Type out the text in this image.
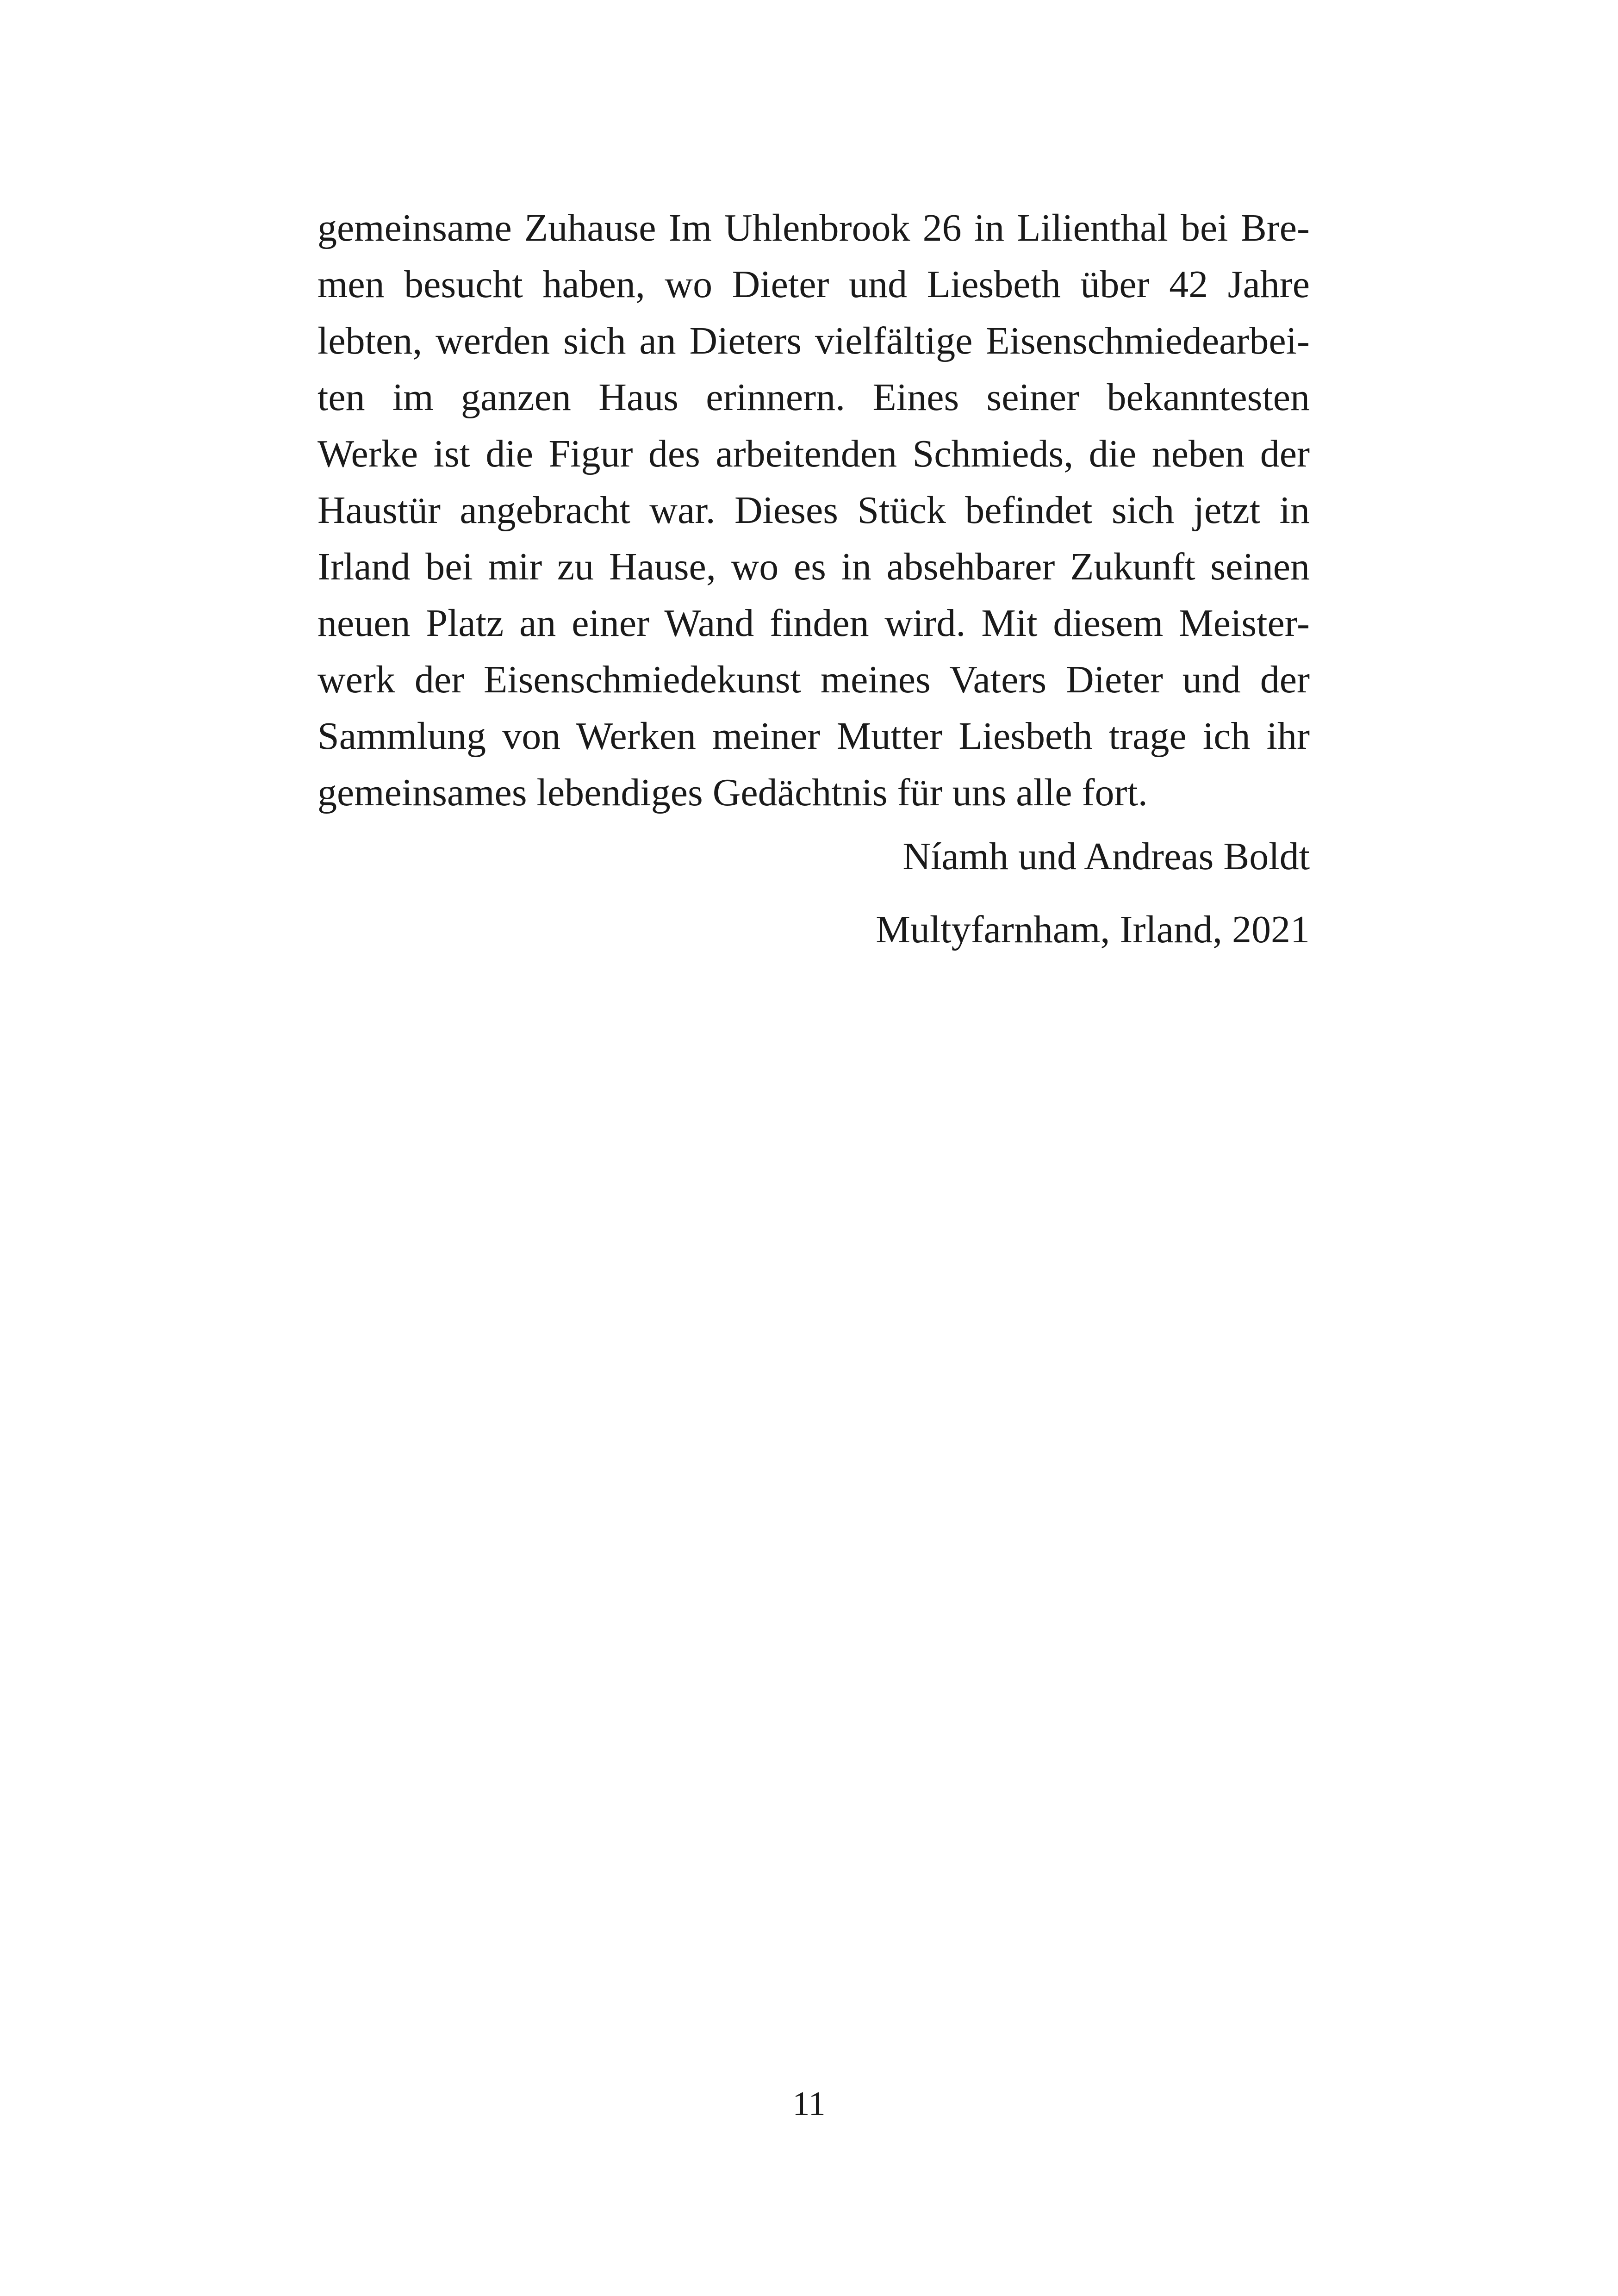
gemeinsame Zuhause Im Uhlenbrook 26 in Lilienthal bei Bre-
men besucht haben, wo Dieter und Liesbeth über 42 Jahre
lebten, werden sich an Dieters vielfältige Eisenschmiedearbei-
ten im ganzen Haus erinnern. Eines seiner bekanntesten
Werke ist die Figur des arbeitenden Schmieds, die neben der
Haustür angebracht war. Dieses Stück befindet sich jetzt in
Irland bei mir zu Hause, wo es in absehbarer Zukunft seinen
neuen Platz an einer Wand finden wird. Mit diesem Meister-
werk der Eisenschmiedekunst meines Vaters Dieter und der
Sammlung von Werken meiner Mutter Liesbeth trage ich ihr
gemeinsames lebendiges Gedächtnis für uns alle fort.
Níamh und Andreas Boldt
Multyfarnham, Irland, 2021
11
